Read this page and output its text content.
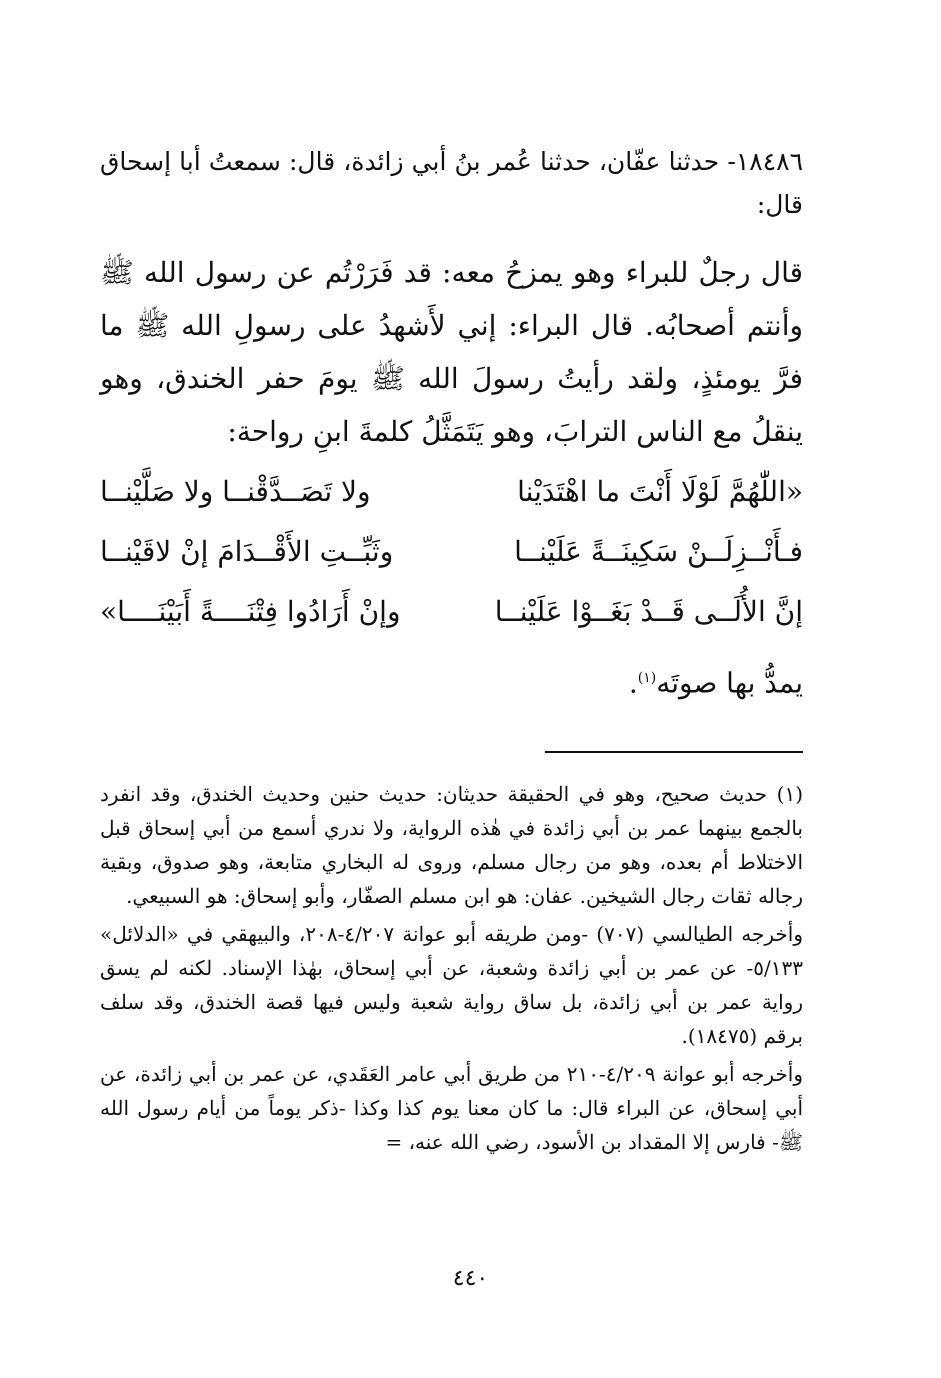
١٨٤٨٦- حدثنا عفّان، حدثنا عُمر بنُ أبي زائدة، قال: سمعتُ أبا إسحاق قال:

قال رجلٌ للبراء وهو يمزحُ معه: قد فَرَرْتُم عن رسول الله ﷺ وأنتم أصحابُه. قال البراء: إني لأَشهدُ على رسولِ الله ﷺ ما فرَّ يومئذٍ، ولقد رأيتُ رسولَ الله ﷺ يومَ حفر الخندق، وهو ينقلُ مع الناس الترابَ، وهو يَتَمَثَّلُ كلمةَ ابنِ رواحة:

«اللّٰهُمَّ لَوْلَا أَنْتَ ما اهْتَدَيْنا
ولا تَصَــدَّقْنــا ولا صَلَّيْنــا
فـأَنْــزِلَــنْ سَكِينَــةً عَلَيْنــا
وثَبِّــتِ الأَقْــدَامَ إنْ لاقَيْنــا
إنَّ الأُلَــى قَــدْ بَغَــوْا عَلَيْنــا
وإنْ أَرَادُوا فِتْنَــــةً أَبَيْنَــــا»

يمدُّ بها صوتَه$^{(١)}$.

(١) حديث صحيح، وهو في الحقيقة حديثان: حديث حنين وحديث الخندق، وقد انفرد بالجمع بينهما عمر بن أبي زائدة في هٰذه الرواية، ولا ندري أسمع من أبي إسحاق قبل الاختلاط أم بعده، وهو من رجال مسلم، وروى له البخاري متابعة، وهو صدوق، وبقية رجاله ثقات رجال الشيخين. عفان: هو ابن مسلم الصفّار، وأبو إسحاق: هو السبيعي.

وأخرجه الطيالسي (٧٠٧) -ومن طريقه أبو عوانة ٤/٢٠٧-٢٠٨، والبيهقي في «الدلائل» ٥/١٣٣- عن عمر بن أبي زائدة وشعبة، عن أبي إسحاق، بهٰذا الإسناد. لكنه لم يسق رواية عمر بن أبي زائدة، بل ساق رواية شعبة وليس فيها قصة الخندق، وقد سلف برقم (١٨٤٧٥).

وأخرجه أبو عوانة ٤/٢٠٩-٢١٠ من طريق أبي عامر العَقَدي، عن عمر بن أبي زائدة، عن أبي إسحاق، عن البراء قال: ما كان معنا يوم كذا وكذا -ذكر يوماً من أيام رسول الله ﷺ- فارس إلا المقداد بن الأسود، رضي الله عنه، =

٤٤٠
